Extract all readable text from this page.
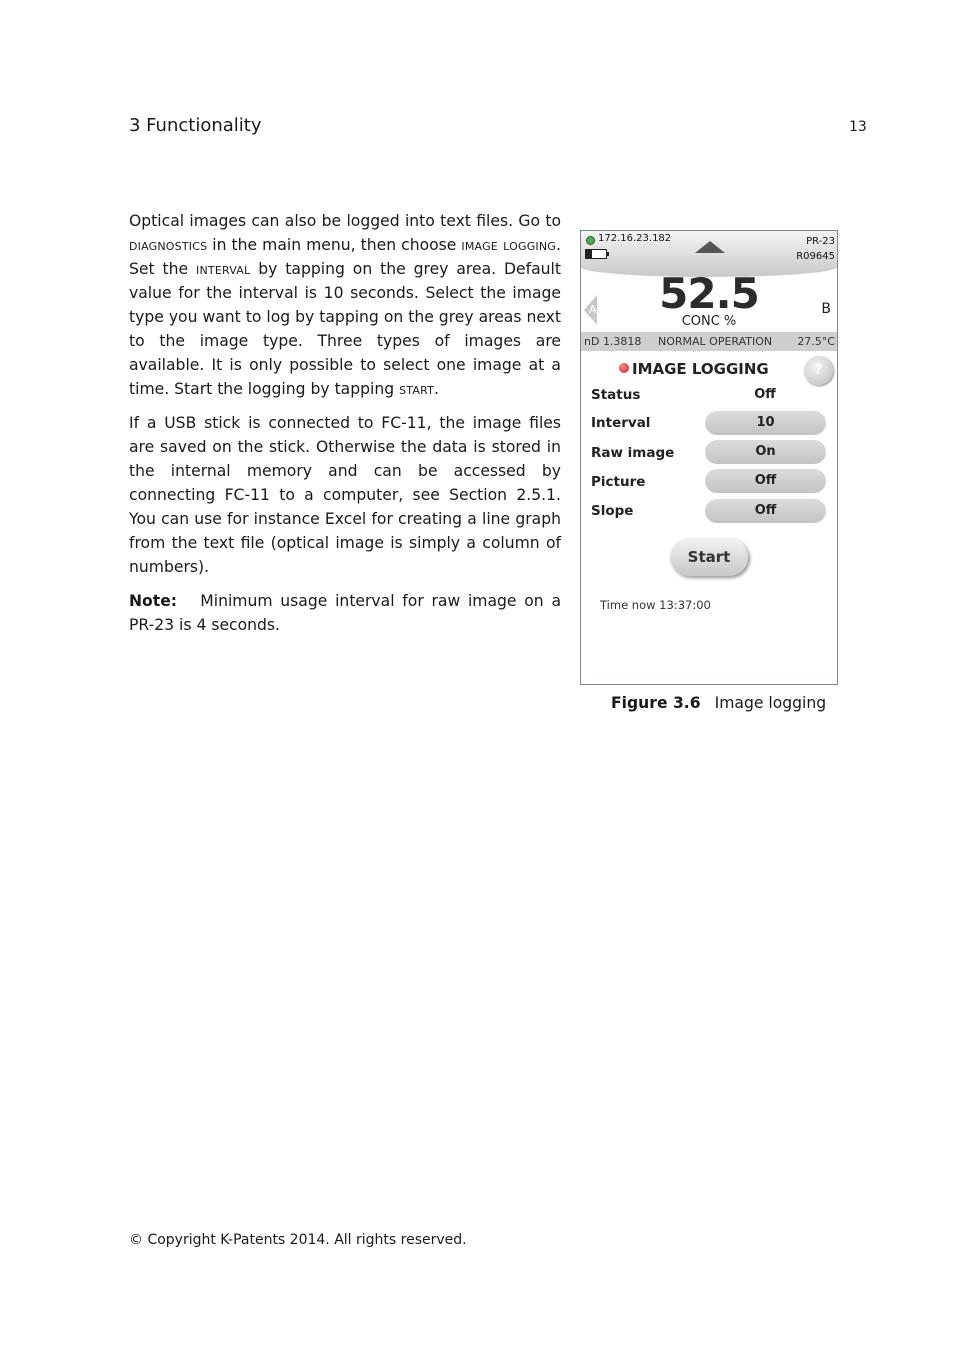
3 Functionality	13

Optical images can also be logged into text files. Go to diagnostics in the main menu, then choose image logging. Set the interval by tapping on the grey area. Default value for the interval is 10 seconds. Select the image type you want to log by tapping on the grey areas next to the image type. Three types of images are available. It is only possible to select one image at a time. Start the logging by tapping start.

If a USB stick is connected to FC-11, the image files are saved on the stick. Otherwise the data is stored in the internal memory and can be accessed by connecting FC-11 to a computer, see Section 2.5.1. You can use for instance Excel for creating a line graph from the text file (optical image is simply a column of numbers).

Note: Minimum usage interval for raw image on a PR-23 is 4 seconds.

172.16.23.182	PR-23
R09645
A	52.5
CONC %
B
nD 1.3818 NORMAL OPERATION 27.5°C
IMAGE LOGGING	?
Status	Off
Interval	10
Raw image	On
Picture	Off
Slope	Off
Start
Time now 13:37:00
Figure 3.6 Image logging
© Copyright K-Patents 2014. All rights reserved.
